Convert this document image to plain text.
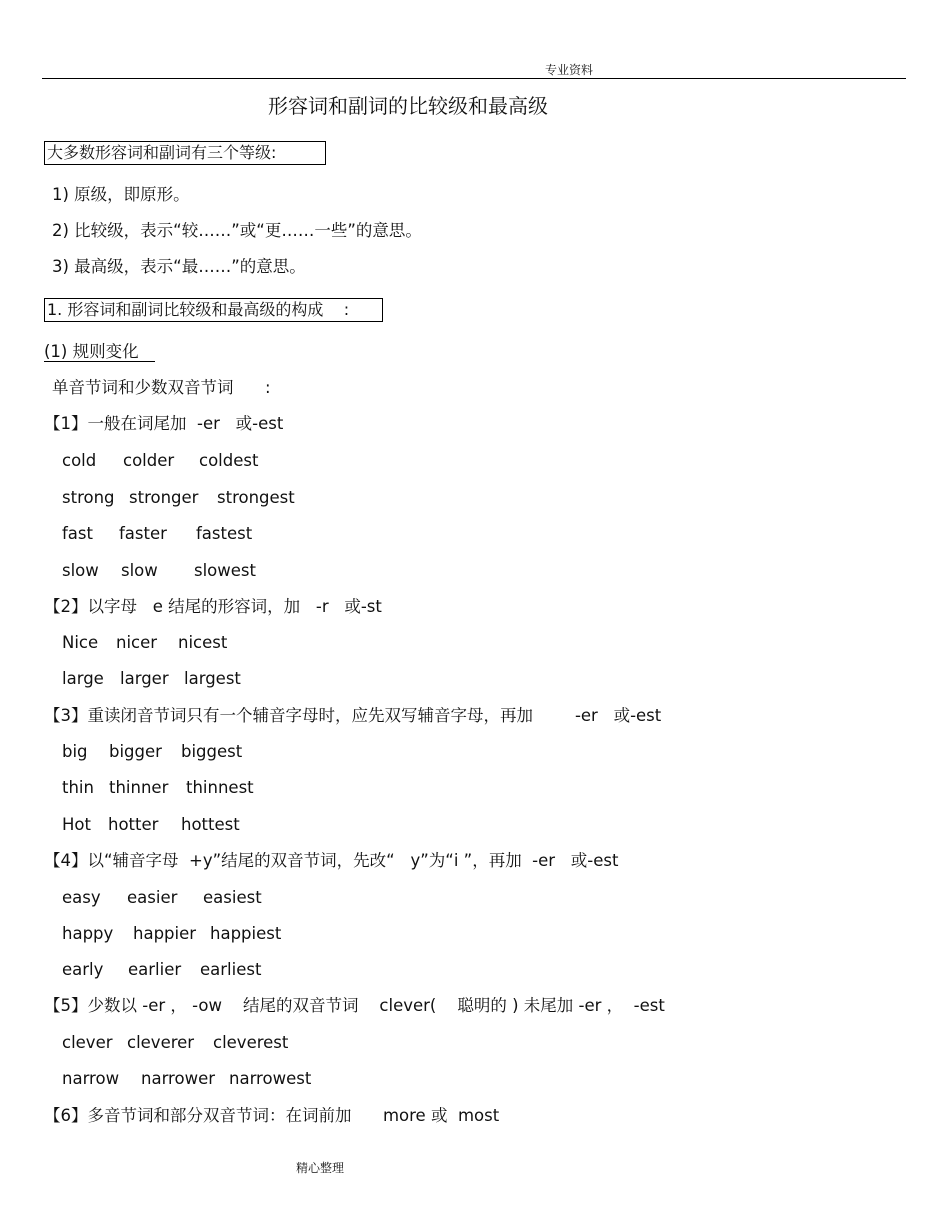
专业资料
形容词和副词的比较级和最高级
大多数形容词和副词有三个等级:
1) 原级，即原形。
2) 比较级，表示“较……”或“更……一些”的意思。
3) 最高级，表示“最……”的意思。
1. 形容词和副词比较级和最高级的构成    :
(1) 规则变化
单音节词和少数双音节词      :
【1】一般在词尾加  -er   或-est
cold colder coldest
strong stronger strongest
fast faster fastest
slow slow slowest
【2】以字母   e 结尾的形容词，加   -r   或-st
Nice nicer nicest
large larger largest
【3】重读闭音节词只有一个辅音字母时，应先双写辅音字母，再加        -er   或-est
big bigger biggest
thin thinner thinnest
Hot hotter hottest
【4】以“辅音字母  +y”结尾的双音节词，先改“   y”为“i ”，再加  -er   或-est
easy easier easiest
happy happier happiest
early earlier earliest
【5】少数以 -er ， -ow    结尾的双音节词    clever(    聪明的 ) 未尾加 -er ，  -est
clever cleverer cleverest
narrow narrower narrowest
【6】多音节词和部分双音节词：在词前加      more 或  most
精心整理
